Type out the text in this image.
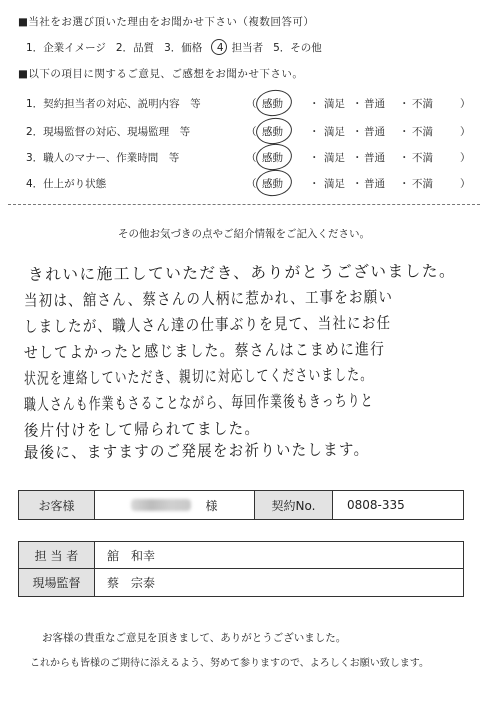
■当社をお選び頂いた理由をお聞かせ下さい（複数回答可）
1．企業イメージ 2．品質 3．価格	4 担当者 5．その他
■以下の項目に関するご意見、ご感想をお聞かせ下さい。
1．契約担当者の対応、説明内容　等	（ 感動 ・ 満足 ・ 普通 ・ 不満	）
2．現場監督の対応、現場監理　等	（ 感動 ・ 満足 ・ 普通 ・ 不満	）
3．職人のマナー、作業時間　等	（ 感動 ・ 満足 ・ 普通 ・ 不満	）
4．仕上がり状態	（ 感動 ・ 満足 ・ 普通 ・ 不満	）
その他お気づきの点やご紹介情報をご記入ください。
きれいに施工していただき、ありがとうございました。
当初は、舘さん、蔡さんの人柄に惹かれ、工事をお願い
しましたが、職人さん達の仕事ぶりを見て、当社にお任
せしてよかったと感じました。蔡さんはこまめに進行
状況を連絡していただき、親切に対応してくださいました。
職人さんも作業もさることながら、毎回作業後もきっちりと
後片付けをして帰られてました。
最後に、ますますのご発展をお祈りいたします。
お客様	様	契約No.	0808-335
担 当 者	舘　和幸
現場監督	蔡　宗泰
お客様の貴重なご意見を頂きまして、ありがとうございました。
これからも皆様のご期待に添えるよう、努めて参りますので、よろしくお願い致します。
